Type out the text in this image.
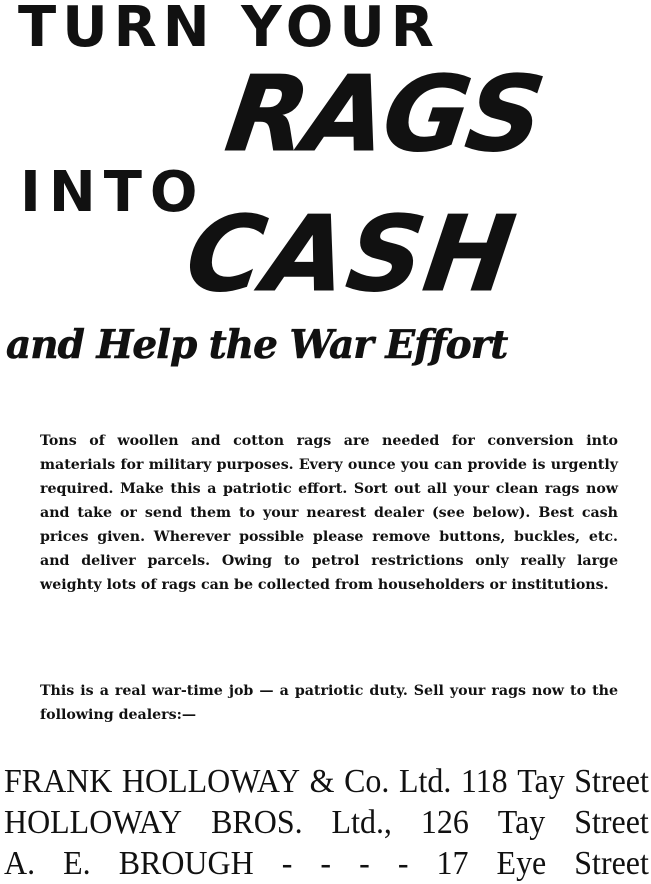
TURN YOUR
RAGS
INTO
CASH
and Help the War Effort

Tons of woollen and cotton rags are needed for conversion into materials for military purposes. Every ounce you can provide is urgently required. Make this a patriotic effort. Sort out all your clean rags now and take or send them to your nearest dealer (see below). Best cash prices given. Wherever possible please remove buttons, buckles, etc. and deliver parcels. Owing to petrol restrictions only really large weighty lots of rags can be collected from householders or institutions.

This is a real war-time job — a patriotic duty. Sell your rags now to the following dealers:—

FRANK HOLLOWAY & Co. Ltd. 118 Tay Street
HOLLOWAY BROS. Ltd., 126 Tay Street
A. E. BROUGH - - - - 17 Eye Street
